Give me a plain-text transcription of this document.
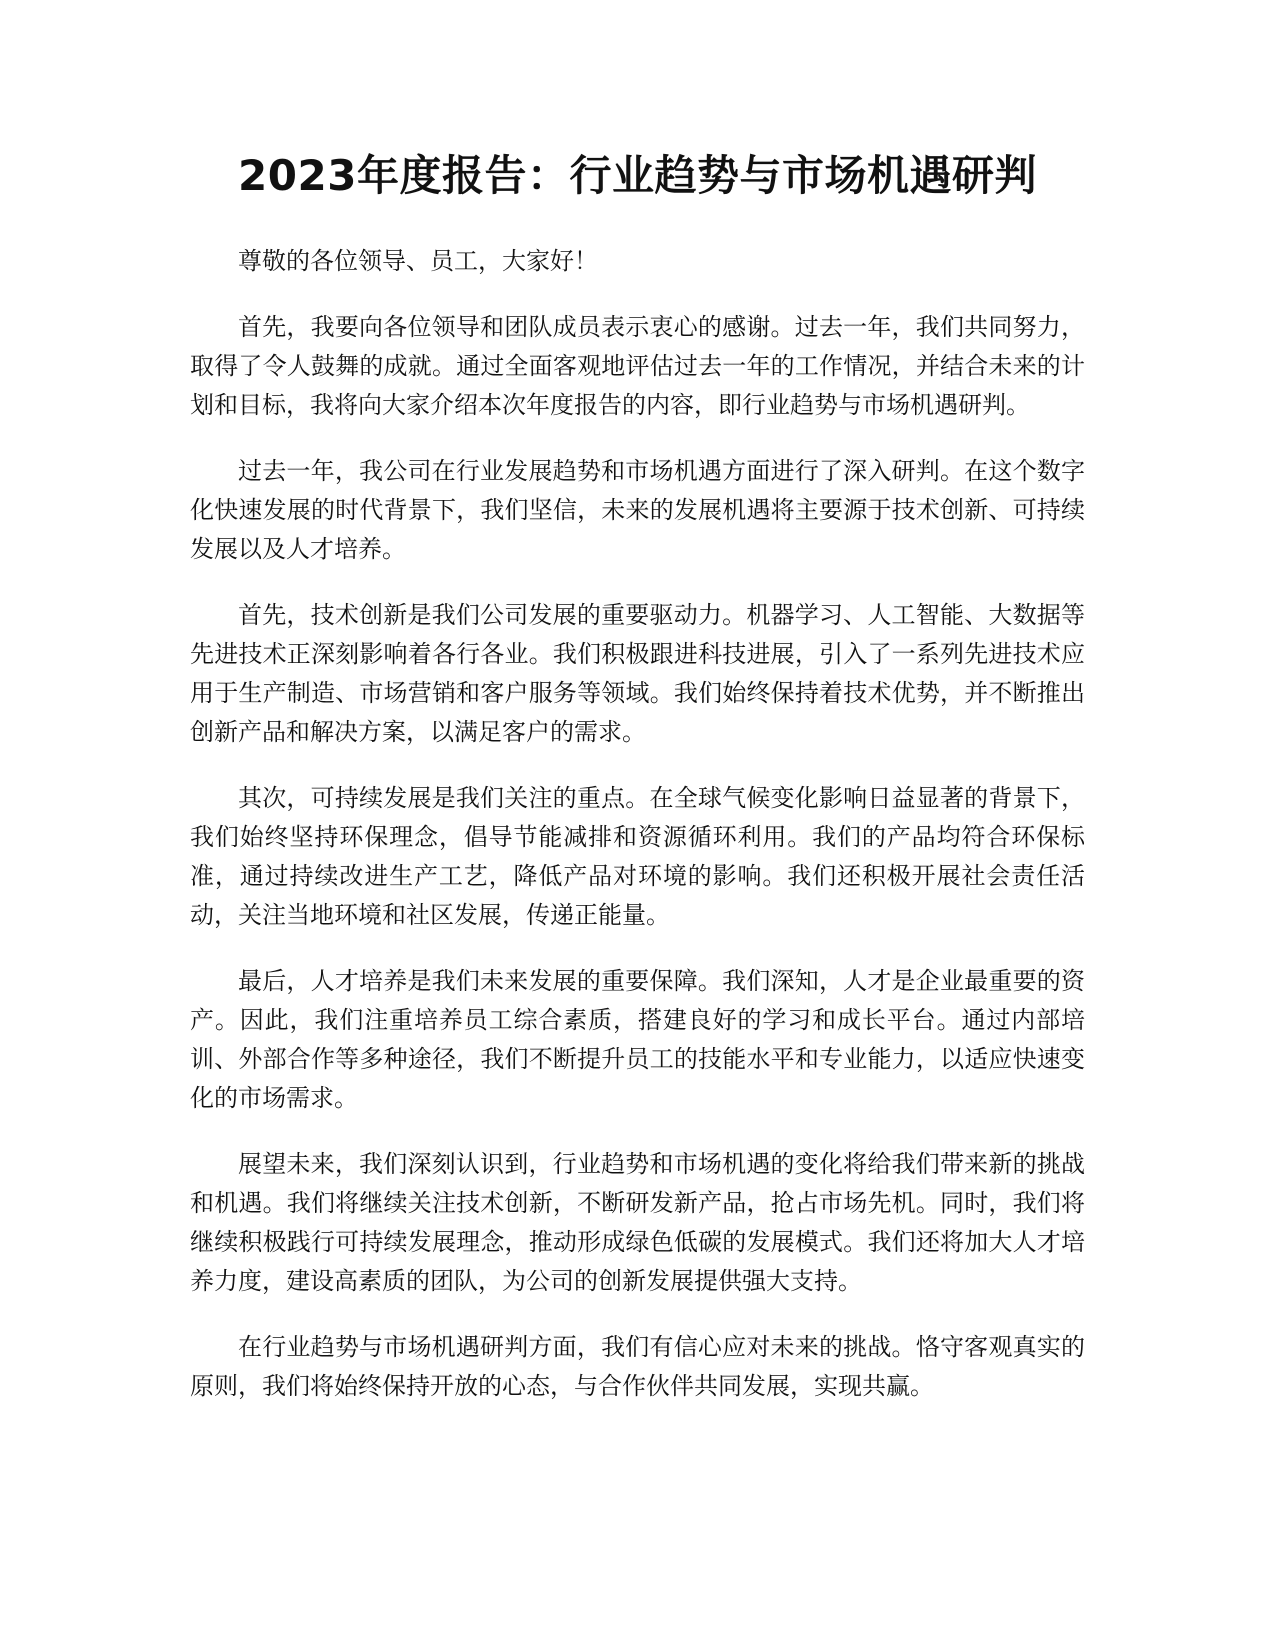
2023年度报告：行业趋势与市场机遇研判

尊敬的各位领导、员工，大家好！

首先，我要向各位领导和团队成员表示衷心的感谢。过去一年，我们共同努力，取得了令人鼓舞的成就。通过全面客观地评估过去一年的工作情况，并结合未来的计划和目标，我将向大家介绍本次年度报告的内容，即行业趋势与市场机遇研判。

过去一年，我公司在行业发展趋势和市场机遇方面进行了深入研判。在这个数字化快速发展的时代背景下，我们坚信，未来的发展机遇将主要源于技术创新、可持续发展以及人才培养。

首先，技术创新是我们公司发展的重要驱动力。机器学习、人工智能、大数据等先进技术正深刻影响着各行各业。我们积极跟进科技进展，引入了一系列先进技术应用于生产制造、市场营销和客户服务等领域。我们始终保持着技术优势，并不断推出创新产品和解决方案，以满足客户的需求。

其次，可持续发展是我们关注的重点。在全球气候变化影响日益显著的背景下，我们始终坚持环保理念，倡导节能减排和资源循环利用。我们的产品均符合环保标准，通过持续改进生产工艺，降低产品对环境的影响。我们还积极开展社会责任活动，关注当地环境和社区发展，传递正能量。

最后，人才培养是我们未来发展的重要保障。我们深知，人才是企业最重要的资产。因此，我们注重培养员工综合素质，搭建良好的学习和成长平台。通过内部培训、外部合作等多种途径，我们不断提升员工的技能水平和专业能力，以适应快速变化的市场需求。

展望未来，我们深刻认识到，行业趋势和市场机遇的变化将给我们带来新的挑战和机遇。我们将继续关注技术创新，不断研发新产品，抢占市场先机。同时，我们将继续积极践行可持续发展理念，推动形成绿色低碳的发展模式。我们还将加大人才培养力度，建设高素质的团队，为公司的创新发展提供强大支持。

在行业趋势与市场机遇研判方面，我们有信心应对未来的挑战。恪守客观真实的原则，我们将始终保持开放的心态，与合作伙伴共同发展，实现共赢。
